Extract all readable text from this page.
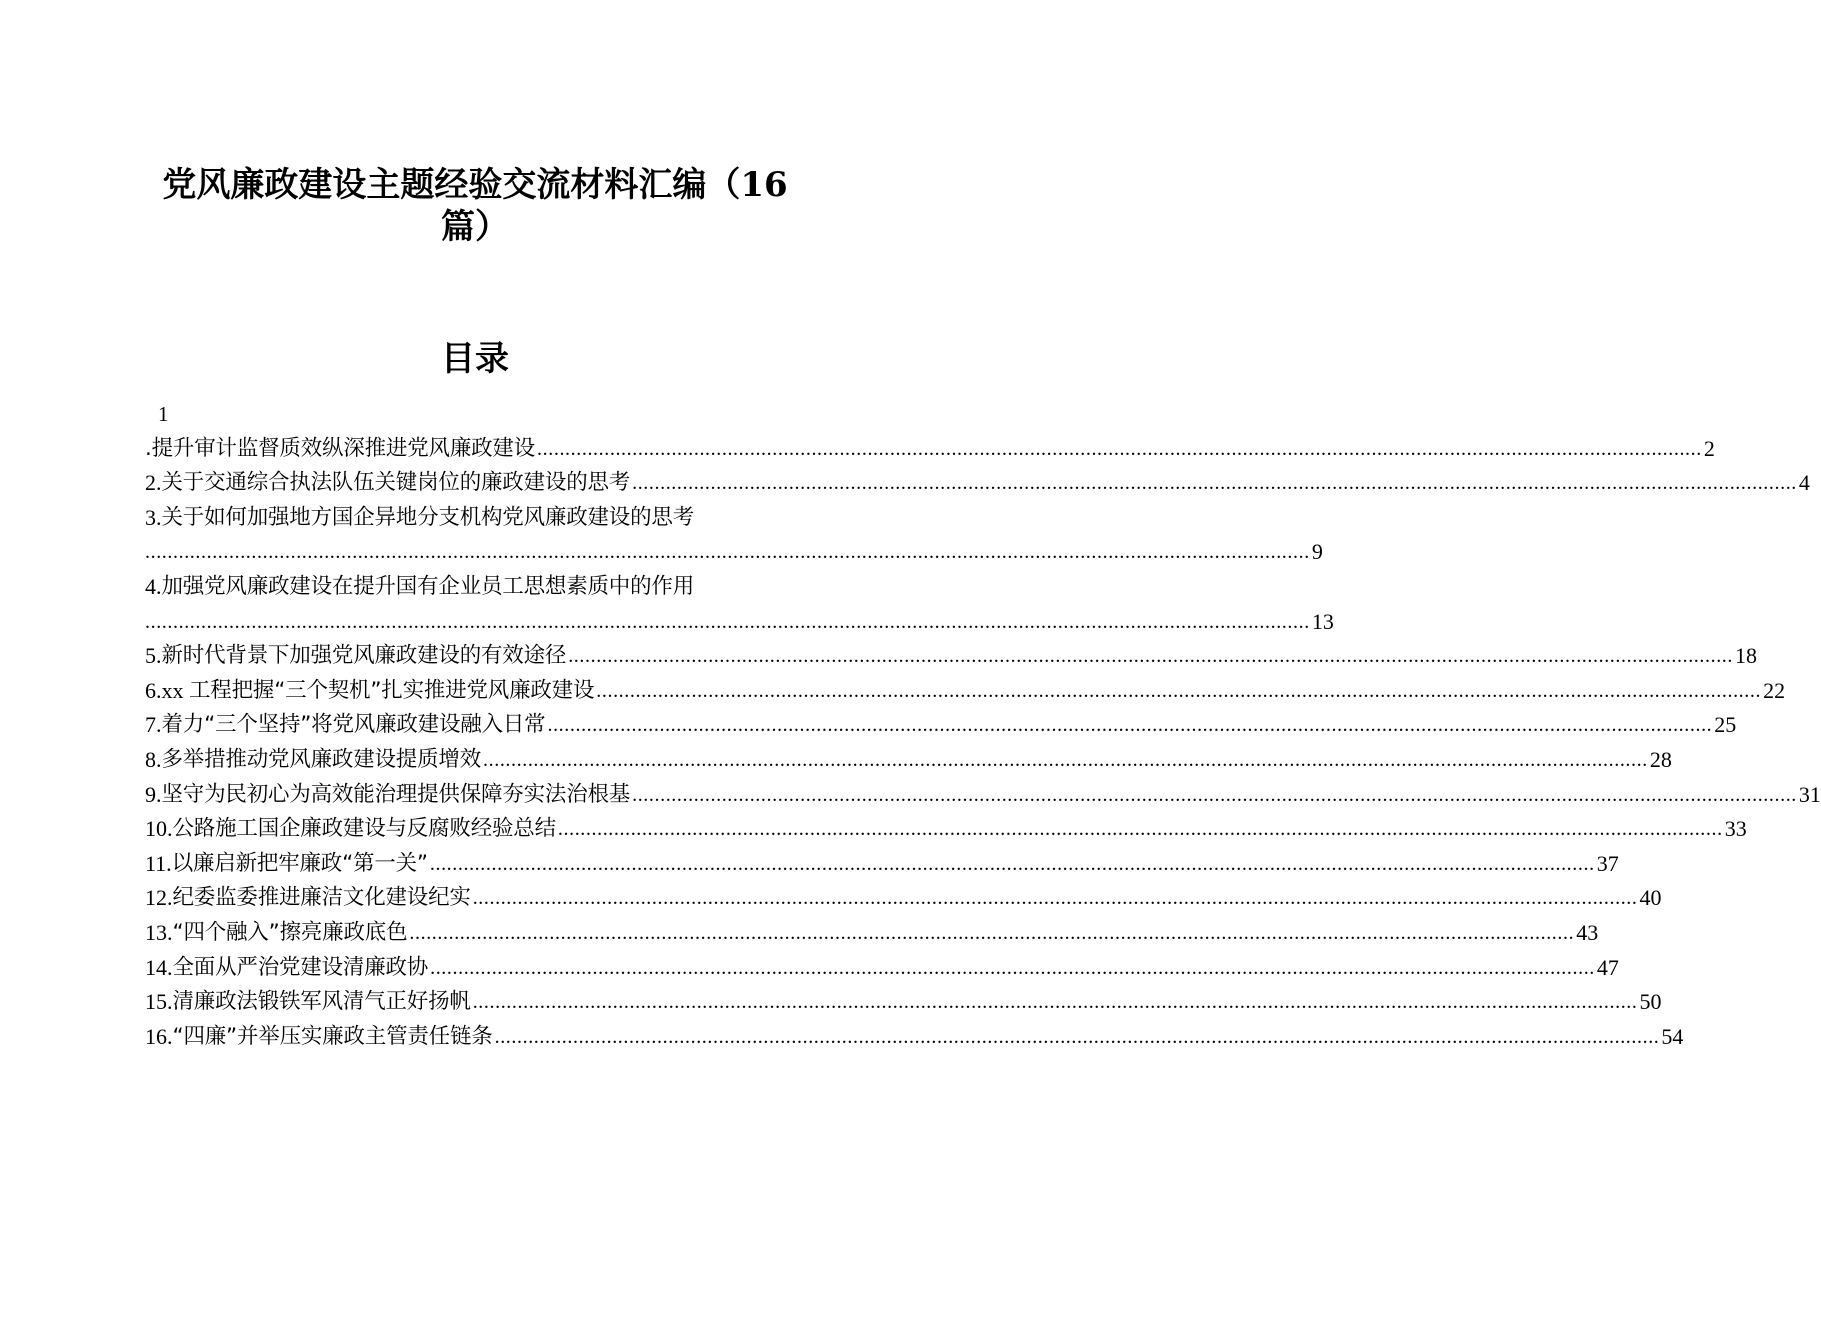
党风廉政建设主题经验交流材料汇编（16
篇）
目录
1
.提升审计监督质效纵深推进党风廉政建设 ................................................................................................................................................................................................................ 2
2. 关于交通综合执法队伍关键岗位的廉政建设的思考 ................................................................................................................................................................................................................ 4
3. 关于如何加强地方国企异地分支机构党风廉政建设的思考
................................................................................................................................................................................................................ 9
4. 加强党风廉政建设在提升国有企业员工思想素质中的作用
................................................................................................................................................................................................................ 13
5. 新时代背景下加强党风廉政建设的有效途径 ................................................................................................................................................................................................................ 18
6.xx 工程把握“三个契机”扎实推进党风廉政建设 ................................................................................................................................................................................................................ 22
7. 着力“三个坚持”将党风廉政建设融入日常 ................................................................................................................................................................................................................ 25
8. 多举措推动党风廉政建设提质增效 ................................................................................................................................................................................................................ 28
9. 坚守为民初心为高效能治理提供保障夯实法治根基 ................................................................................................................................................................................................................ 31
10. 公路施工国企廉政建设与反腐败经验总结 ................................................................................................................................................................................................................ 33
11. 以廉启新把牢廉政“第一关” ................................................................................................................................................................................................................ 37
12. 纪委监委推进廉洁文化建设纪实 ................................................................................................................................................................................................................ 40
13. “四个融入”擦亮廉政底色 ................................................................................................................................................................................................................ 43
14. 全面从严治党建设清廉政协 ................................................................................................................................................................................................................ 47
15. 清廉政法锻铁军风清气正好扬帆 ................................................................................................................................................................................................................ 50
16. “四廉”并举压实廉政主管责任链条 ................................................................................................................................................................................................................ 54
